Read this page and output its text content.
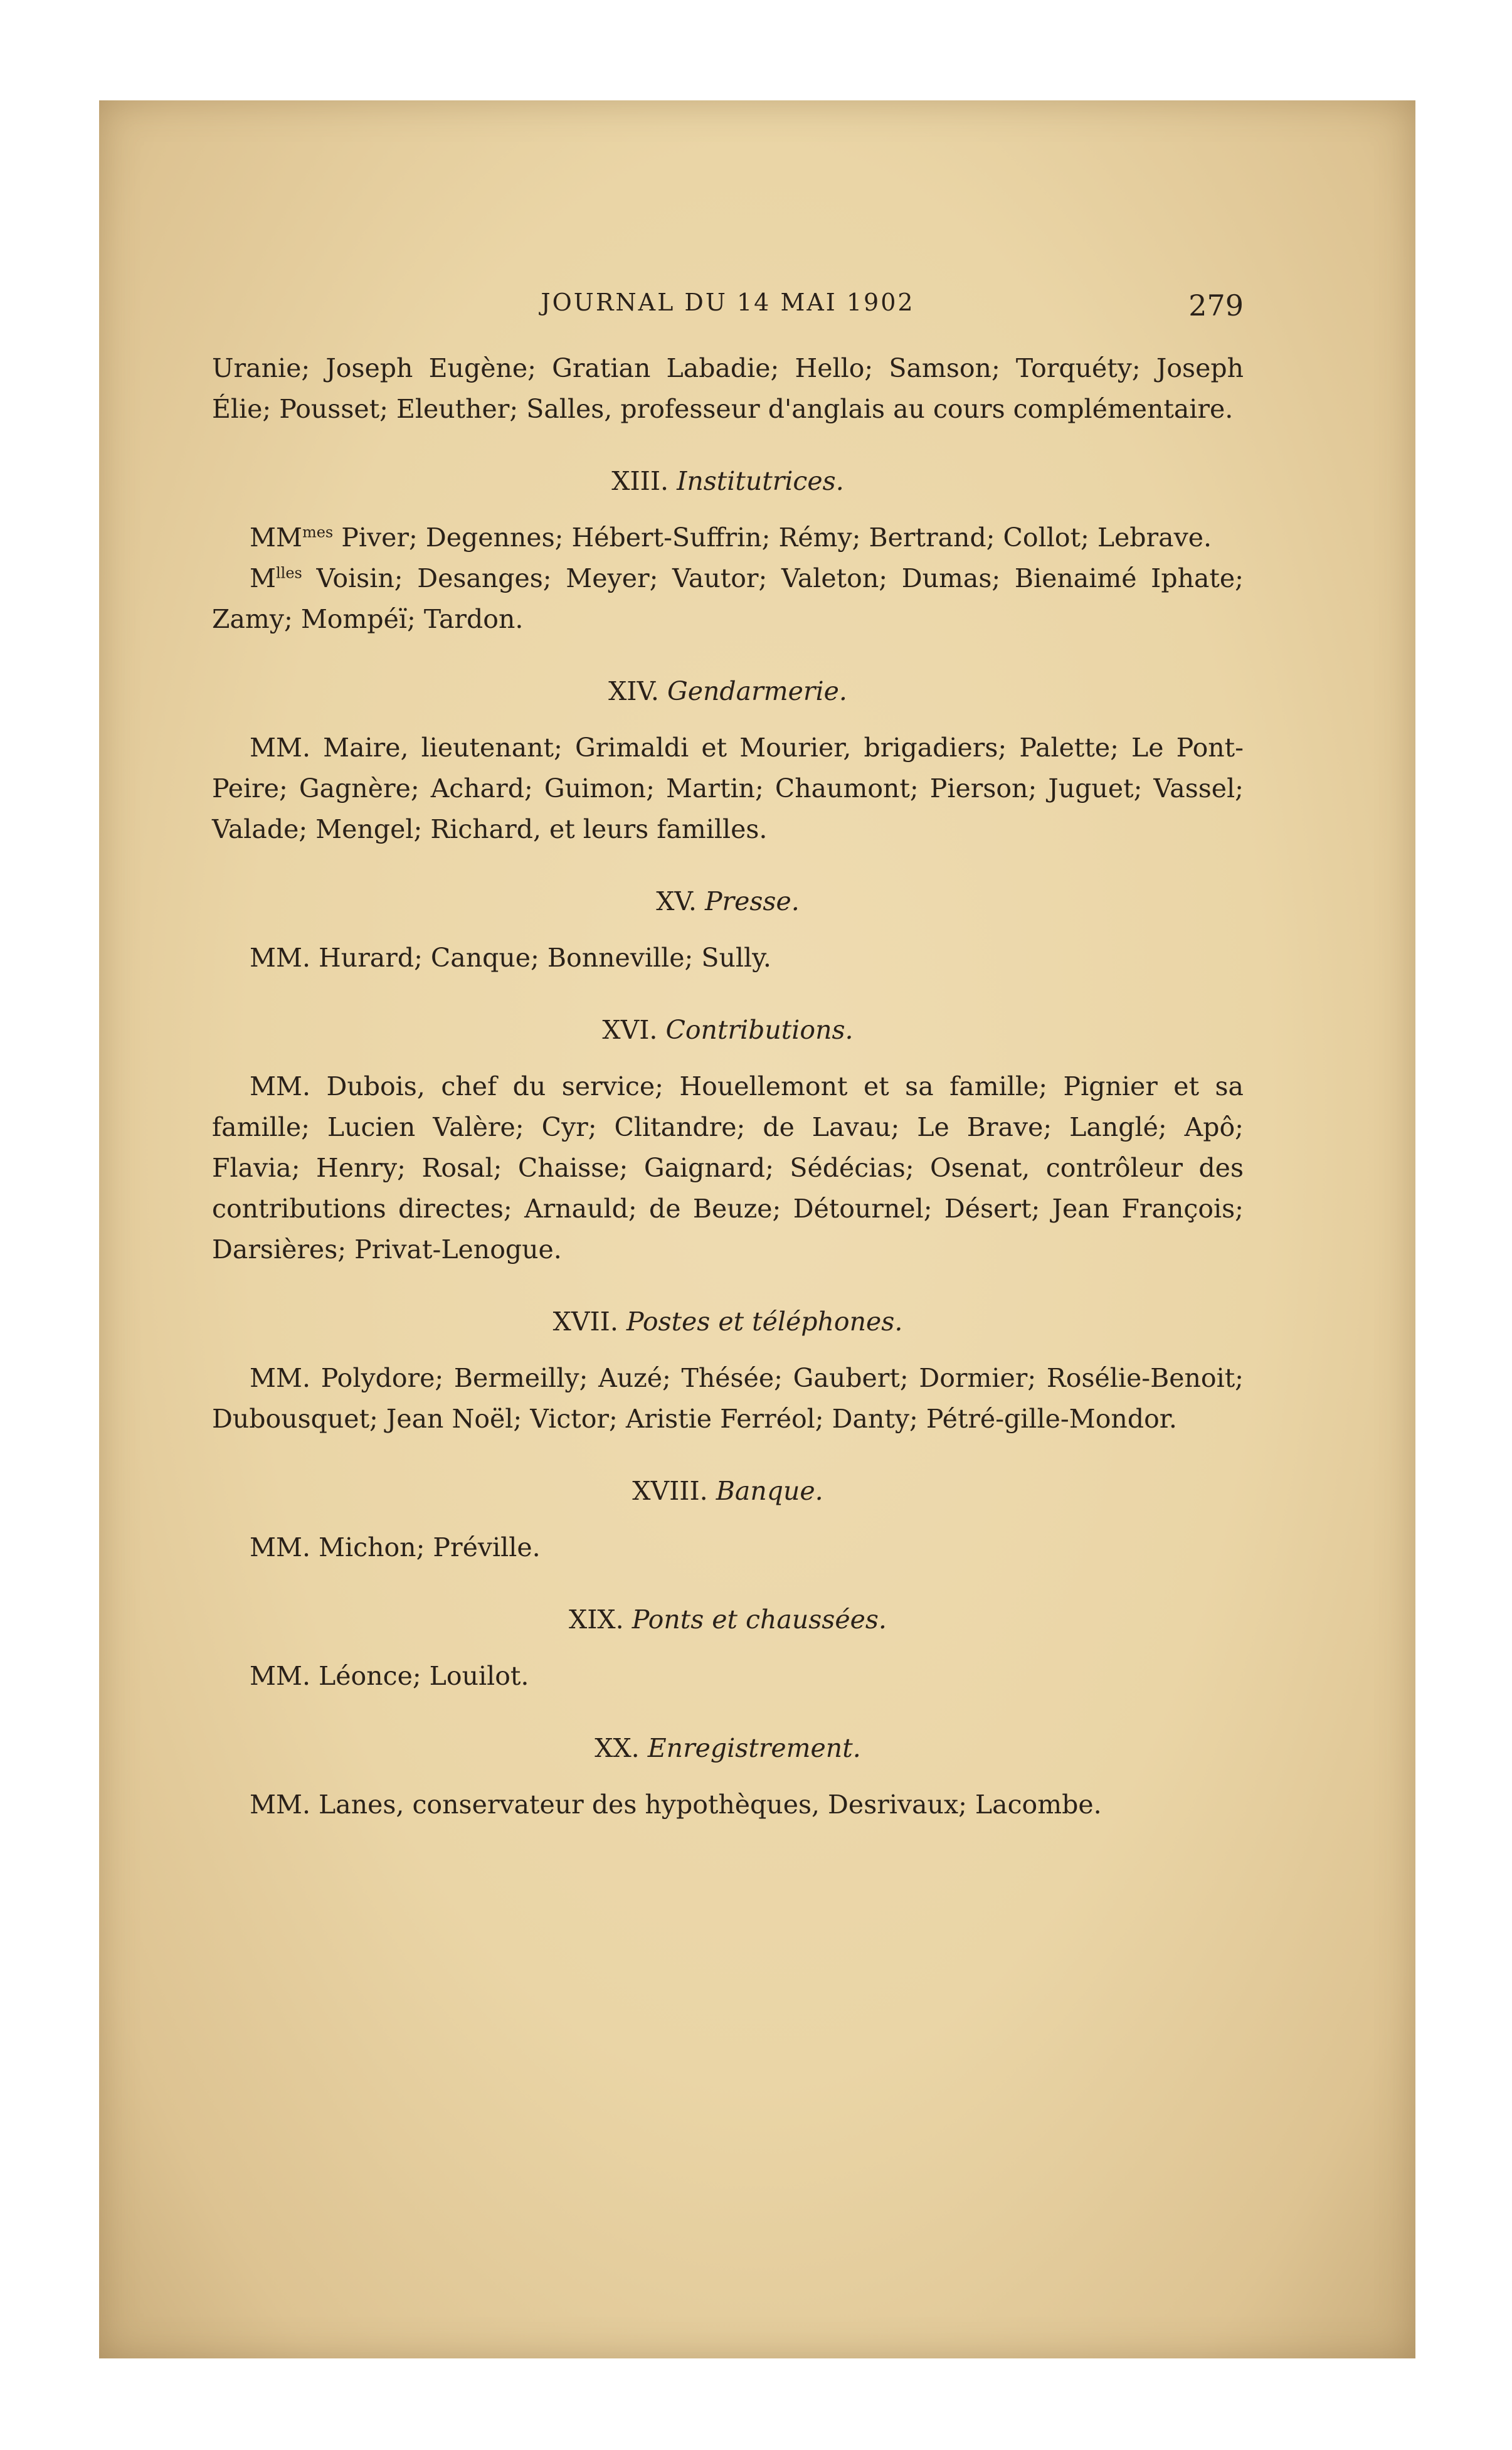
JOURNAL DU 14 MAI 1902	279

Uranie; Joseph Eugène; Gratian Labadie; Hello; Samson; Torquéty; Joseph Élie; Pousset; Eleuther; Salles, professeur d'anglais au cours complémentaire.

XIII. Institutrices.

$MM^{mes}$ Piver; Degennes; Hébert-Suffrin; Rémy; Bertrand; Collot; Lebrave.

$M^{lles}$ Voisin; Desanges; Meyer; Vautor; Valeton; Dumas; Bienaimé Iphate; Zamy; Mompéï; Tardon.

XIV. Gendarmerie.

MM. Maire, lieutenant; Grimaldi et Mourier, brigadiers; Palette; Le Pont-Peire; Gagnère; Achard; Guimon; Martin; Chaumont; Pierson; Juguet; Vassel; Valade; Mengel; Richard, et leurs familles.

XV. Presse.

MM. Hurard; Canque; Bonneville; Sully.

XVI. Contributions.

MM. Dubois, chef du service; Houellemont et sa famille; Pignier et sa famille; Lucien Valère; Cyr; Clitandre; de Lavau; Le Brave; Langlé; Apô; Flavia; Henry; Rosal; Chaisse; Gaignard; Sédécias; Osenat, contrôleur des contributions directes; Arnauld; de Beuze; Détournel; Désert; Jean François; Darsières; Privat-Lenogue.

XVII. Postes et téléphones.

MM. Polydore; Bermeilly; Auzé; Thésée; Gaubert; Dormier; Rosélie-Benoit; Dubousquet; Jean Noël; Victor; Aristie Ferréol; Danty; Pétré-gille-Mondor.

XVIII. Banque.

MM. Michon; Préville.

XIX. Ponts et chaussées.

MM. Léonce; Louilot.

XX. Enregistrement.

MM. Lanes, conservateur des hypothèques, Desrivaux; Lacombe.
